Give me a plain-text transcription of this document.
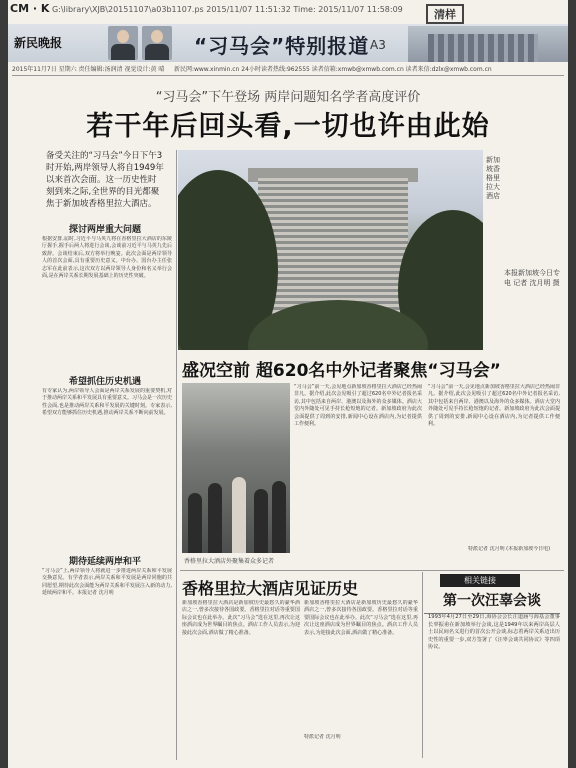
CM · K G:\library\XJB\20151107\a03b1107.ps 2015/11/07 11:51:32 Time: 2015/11/07 11:58:09	清样
新民晚报	“习马会”特别报道 A3
2015年11月7日 星期六 责任编辑:汤润清 视觉设计:黄 晴 新民网:www.xinmin.cn 24小时读者热线:962555 读者信箱:xmwb@xmwb.com.cn 读者来信:dzlx@xmwb.com.cn
“习马会”下午登场 两岸问题知名学者高度评价
若干年后回头看,一切也许由此始
备受关注的“习马会”今日下午3时开始,两岸领导人将自1949年以来首次会面。这一历史性时刻到来之际,全世界的目光都聚焦于新加坡香格里拉大酒店。
探讨两岸重大问题
根据安排,届时,习近平与马英九将在香格里拉大酒店的东陵厅握手,握手后两人将进行会谈,会谈前习近平与马英九先后致辞。会谈结束后,双方将举行晚宴。此次会面是两岸领导人的首次会面,具有重要历史意义。中台办、国台办主任张志军在此前表示,这次双方以两岸领导人身份和名义举行会面,是在两岸关系长期发展基础上的历史性突破。
希望抓住历史机遇
有专家认为,两岸领导人会面是两岸关系发展的重要契机,对于推动两岸关系和平发展具有重要意义。习马会是一次历史性会面,也是推动两岸关系和平发展的关键时刻。专家表示,希望双方能够抓住历史机遇,推动两岸关系不断向前发展。
期待延续两岸和平
“习马会”上,两岸领导人将就进一步推进两岸关系和平发展交换意见。有学者表示,两岸关系和平发展是两岸同胞的共同愿望,期待此次会面能为两岸关系和平发展注入新的动力,延续两岸和平。本报记者 沈月明
新加坡香格里拉大酒店
本报新加坡今日专电 记者 沈月明 摄
盛况空前 超620名中外记者聚焦“习马会”
香格里拉大酒店外聚集着众多记者
“习马会”前一天,会见地点新加坡香格里拉大酒店已经热闹非凡。据介绍,此次会见吸引了超过620名中外记者报名采访,其中包括来自两岸、港澳以及海外的众多媒体。酒店大堂内外随处可见手持长枪短炮的记者。新加坡政府为此次会面提供了周到的安排,新闻中心设在酒店内,为记者提供工作便利。
“习马会”前一天,会见地点新加坡香格里拉大酒店已经热闹非凡。据介绍,此次会见吸引了超过620名中外记者报名采访,其中包括来自两岸、港澳以及海外的众多媒体。酒店大堂内外随处可见手持长枪短炮的记者。新加坡政府为此次会面提供了周到的安排,新闻中心设在酒店内,为记者提供工作便利。
特派记者 沈月明 (本报新加坡今日电)
香格里拉大酒店见证历史
新加坡香格里拉大酒店是新加坡历史最悠久的豪华酒店之一,曾多次接待各国政要。香格里拉对话等重要国际会议也在此举办。此次“习马会”选在这里,再次让这座酒店成为世界瞩目的焦点。酒店工作人员表示,为迎接此次会面,酒店做了精心准备。
新加坡香格里拉大酒店是新加坡历史最悠久的豪华酒店之一,曾多次接待各国政要。香格里拉对话等重要国际会议也在此举办。此次“习马会”选在这里,再次让这座酒店成为世界瞩目的焦点。酒店工作人员表示,为迎接此次会面,酒店做了精心准备。
特派记者 沈月明
相关链接
第一次汪辜会谈
1993年4月27日至29日,海协会会长汪道涵与海基会董事长辜振甫在新加坡举行会谈,这是1949年以来两岸高层人士以民间名义进行的首次公开会谈,标志着两岸关系迈出历史性的重要一步,双方签署了《汪辜会谈共同协议》等四项协议。
